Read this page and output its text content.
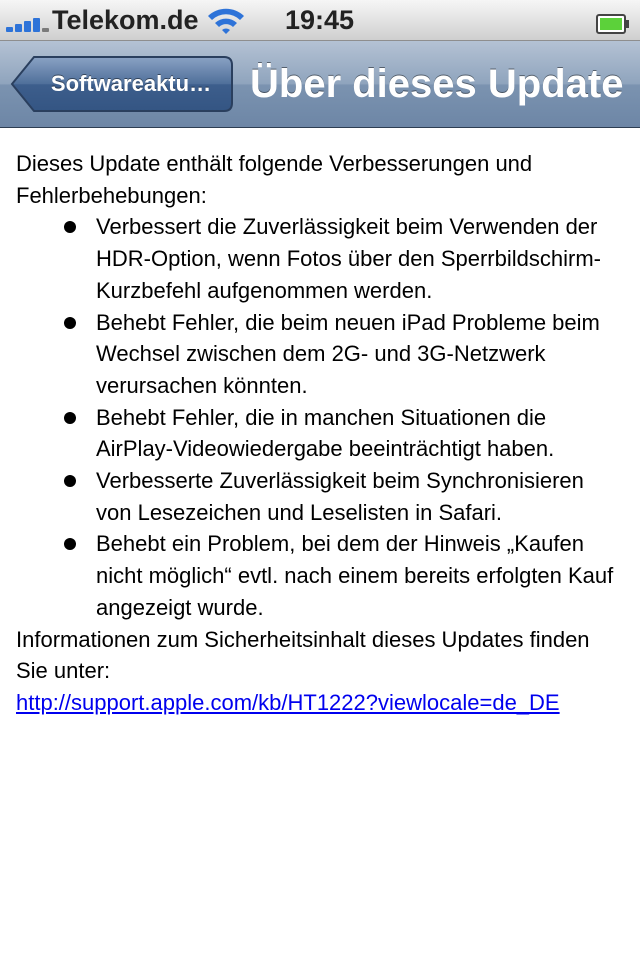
Telekom.de	19:45
Softwareaktu… Über dieses Update

Dieses Update enthält folgende Verbesserungen und Fehlerbehebungen:

Verbessert die Zuverlässigkeit beim Verwenden der HDR-Option, wenn Fotos über den Sperrbildschirm-Kurzbefehl aufgenommen werden.
Behebt Fehler, die beim neuen iPad Probleme beim Wechsel zwischen dem 2G- und 3G-Netzwerk verursachen könnten.
Behebt Fehler, die in manchen Situationen die AirPlay-Videowiedergabe beeinträchtigt haben.
Verbesserte Zuverlässigkeit beim Synchronisieren von Lesezeichen und Leselisten in Safari.
Behebt ein Problem, bei dem der Hinweis „Kaufen nicht möglich“ evtl. nach einem bereits erfolgten Kauf angezeigt wurde.

Informationen zum Sicherheitsinhalt dieses Updates finden Sie unter:

http://support.apple.com/kb/HT1222?viewlocale=de_DE
